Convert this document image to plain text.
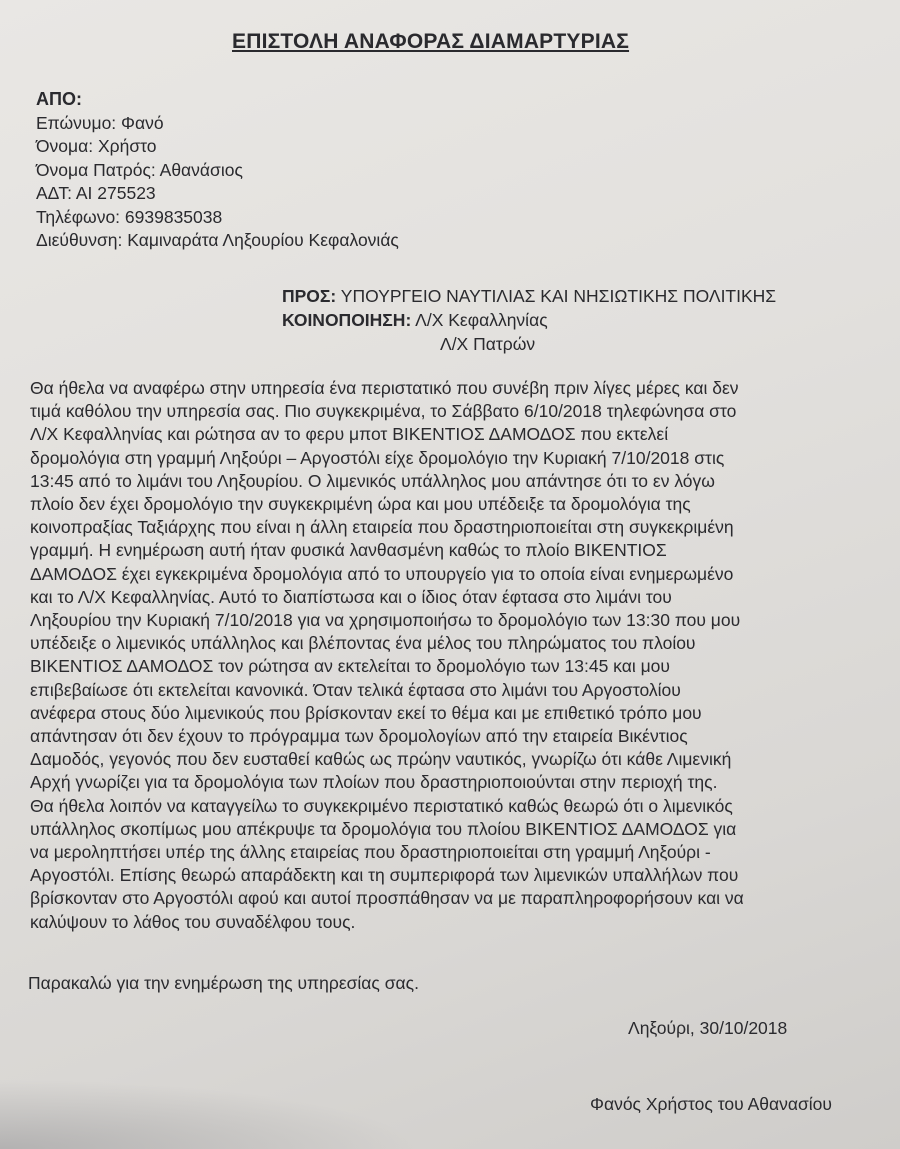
ΕΠΙΣΤΟΛΗ ΑΝΑΦΟΡΑΣ ΔΙΑΜΑΡΤΥΡΙΑΣ
ΑΠΟ:
Επώνυμο: Φανό
Όνομα: Χρήστο
Όνομα Πατρός: Αθανάσιος
ΑΔΤ: ΑΙ 275523
Τηλέφωνο: 6939835038
Διεύθυνση: Καμιναράτα Ληξουρίου Κεφαλονιάς
ΠΡΟΣ: ΥΠΟΥΡΓΕΙΟ ΝΑΥΤΙΛΙΑΣ ΚΑΙ ΝΗΣΙΩΤΙΚΗΣ ΠΟΛΙΤΙΚΗΣ
ΚΟΙΝΟΠΟΙΗΣΗ: Λ/Χ Κεφαλληνίας
Λ/Χ Πατρών
Θα ήθελα να αναφέρω στην υπηρεσία ένα περιστατικό που συνέβη πριν λίγες μέρες και δεν
τιμά καθόλου την υπηρεσία σας. Πιο συγκεκριμένα, το Σάββατο 6/10/2018 τηλεφώνησα στο
Λ/Χ Κεφαλληνίας και ρώτησα αν το φερυ μποτ ΒΙΚΕΝΤΙΟΣ ΔΑΜΟΔΟΣ που εκτελεί
δρομολόγια στη γραμμή Ληξούρι – Αργοστόλι είχε δρομολόγιο την Κυριακή 7/10/2018 στις
13:45 από το λιμάνι του Ληξουρίου. Ο λιμενικός υπάλληλος μου απάντησε ότι το εν λόγω
πλοίο δεν έχει δρομολόγιο την συγκεκριμένη ώρα και μου υπέδειξε τα δρομολόγια της
κοινοπραξίας Ταξιάρχης που είναι η άλλη εταιρεία που δραστηριοποιείται στη συγκεκριμένη
γραμμή. Η ενημέρωση αυτή ήταν φυσικά λανθασμένη καθώς το πλοίο ΒΙΚΕΝΤΙΟΣ
ΔΑΜΟΔΟΣ έχει εγκεκριμένα δρομολόγια από το υπουργείο για το οποία είναι ενημερωμένο
και το Λ/Χ Κεφαλληνίας. Αυτό το διαπίστωσα και ο ίδιος όταν έφτασα στο λιμάνι του
Ληξουρίου την Κυριακή 7/10/2018 για να χρησιμοποιήσω το δρομολόγιο των 13:30 που μου
υπέδειξε ο λιμενικός υπάλληλος και βλέποντας ένα μέλος του πληρώματος του πλοίου
ΒΙΚΕΝΤΙΟΣ ΔΑΜΟΔΟΣ τον ρώτησα αν εκτελείται το δρομολόγιο των 13:45 και μου
επιβεβαίωσε ότι εκτελείται κανονικά. Όταν τελικά έφτασα στο λιμάνι του Αργοστολίου
ανέφερα στους δύο λιμενικούς που βρίσκονταν εκεί το θέμα και με επιθετικό τρόπο μου
απάντησαν ότι δεν έχουν το πρόγραμμα των δρομολογίων από την εταιρεία Βικέντιος
Δαμοδός, γεγονός που δεν ευσταθεί καθώς ως πρώην ναυτικός, γνωρίζω ότι κάθε Λιμενική
Αρχή γνωρίζει για τα δρομολόγια των πλοίων που δραστηριοποιούνται στην περιοχή της.
Θα ήθελα λοιπόν να καταγγείλω το συγκεκριμένο περιστατικό καθώς θεωρώ ότι ο λιμενικός
υπάλληλος σκοπίμως μου απέκρυψε τα δρομολόγια του πλοίου ΒΙΚΕΝΤΙΟΣ ΔΑΜΟΔΟΣ για
να μεροληπτήσει υπέρ της άλλης εταιρείας που δραστηριοποιείται στη γραμμή Ληξούρι -
Αργοστόλι. Επίσης θεωρώ απαράδεκτη και τη συμπεριφορά των λιμενικών υπαλλήλων που
βρίσκονταν στο Αργοστόλι αφού και αυτοί προσπάθησαν να με παραπληροφορήσουν και να
καλύψουν το λάθος του συναδέλφου τους.
Παρακαλώ για την ενημέρωση της υπηρεσίας σας.
Ληξούρι, 30/10/2018
Φανός Χρήστος του Αθανασίου
